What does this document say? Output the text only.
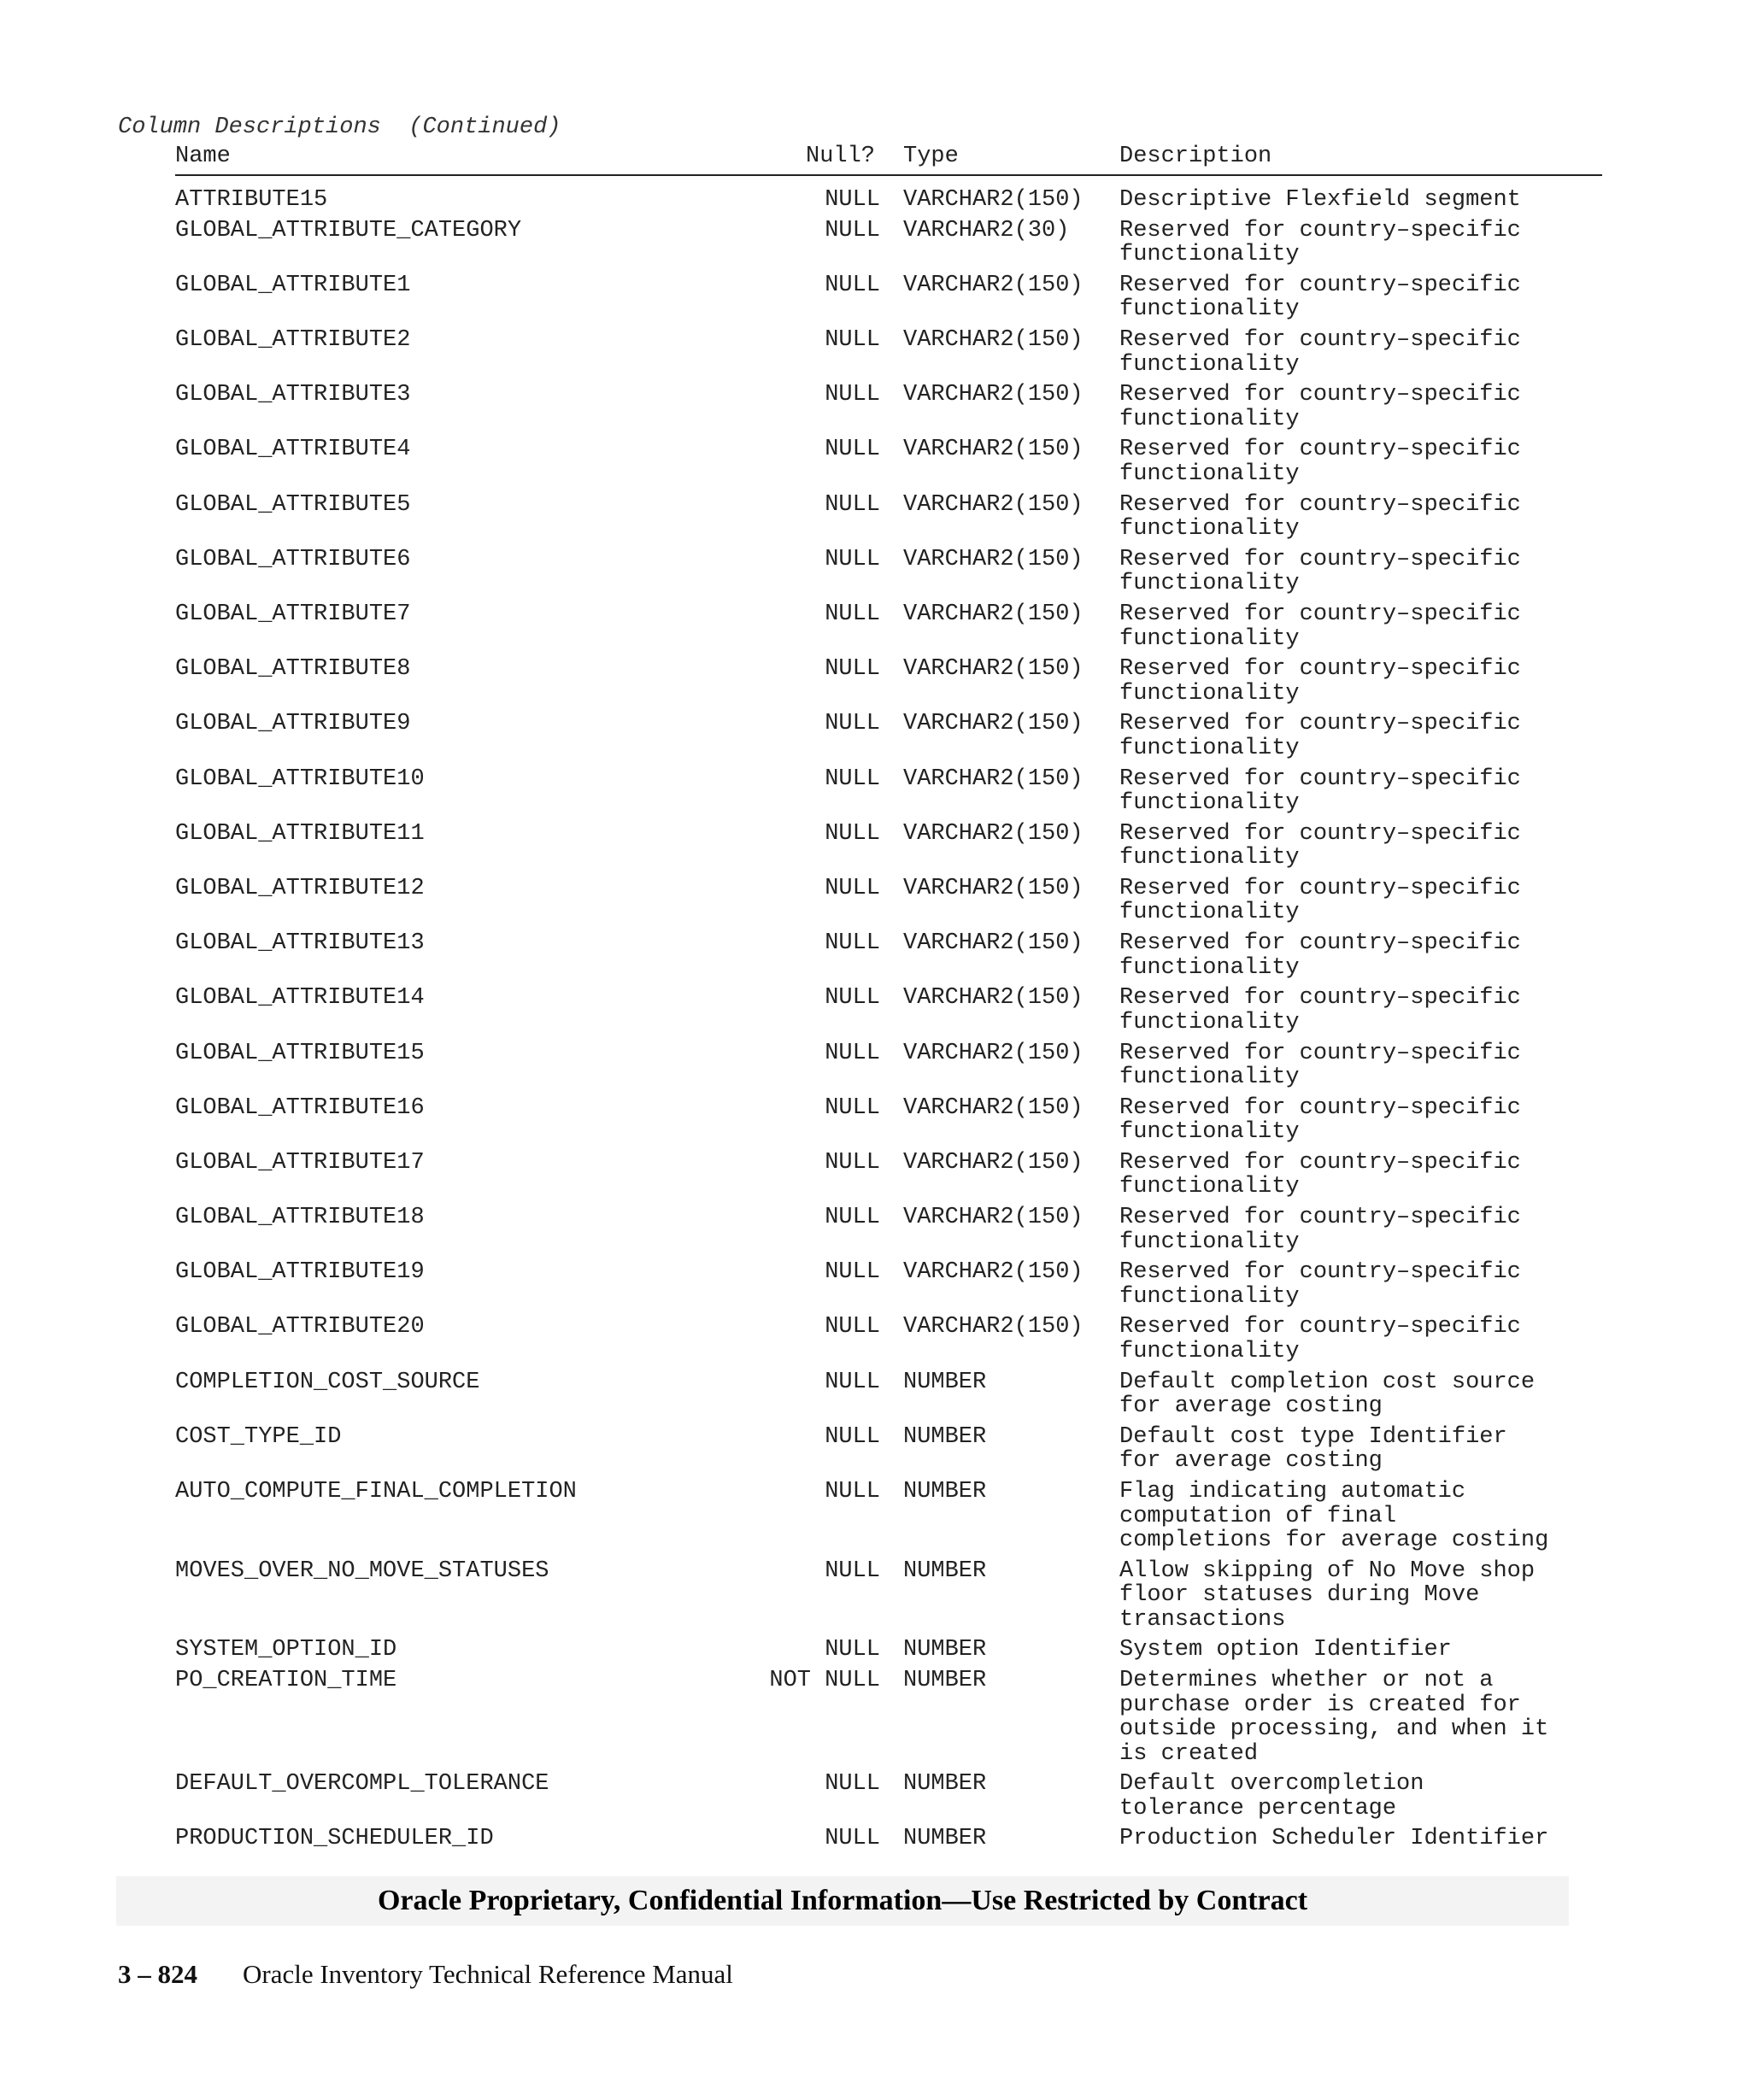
Column Descriptions  (Continued)
Name	Null? Type	Description
ATTRIBUTE15	NULL	VARCHAR2(150)	Descriptive Flexfield segment
GLOBAL_ATTRIBUTE_CATEGORY	NULL	VARCHAR2(30)	Reserved for country–specific
functionality
GLOBAL_ATTRIBUTE1	NULL	VARCHAR2(150)	Reserved for country–specific
functionality
GLOBAL_ATTRIBUTE2	NULL	VARCHAR2(150)	Reserved for country–specific
functionality
GLOBAL_ATTRIBUTE3	NULL	VARCHAR2(150)	Reserved for country–specific
functionality
GLOBAL_ATTRIBUTE4	NULL	VARCHAR2(150)	Reserved for country–specific
functionality
GLOBAL_ATTRIBUTE5	NULL	VARCHAR2(150)	Reserved for country–specific
functionality
GLOBAL_ATTRIBUTE6	NULL	VARCHAR2(150)	Reserved for country–specific
functionality
GLOBAL_ATTRIBUTE7	NULL	VARCHAR2(150)	Reserved for country–specific
functionality
GLOBAL_ATTRIBUTE8	NULL	VARCHAR2(150)	Reserved for country–specific
functionality
GLOBAL_ATTRIBUTE9	NULL	VARCHAR2(150)	Reserved for country–specific
functionality
GLOBAL_ATTRIBUTE10	NULL	VARCHAR2(150)	Reserved for country–specific
functionality
GLOBAL_ATTRIBUTE11	NULL	VARCHAR2(150)	Reserved for country–specific
functionality
GLOBAL_ATTRIBUTE12	NULL	VARCHAR2(150)	Reserved for country–specific
functionality
GLOBAL_ATTRIBUTE13	NULL	VARCHAR2(150)	Reserved for country–specific
functionality
GLOBAL_ATTRIBUTE14	NULL	VARCHAR2(150)	Reserved for country–specific
functionality
GLOBAL_ATTRIBUTE15	NULL	VARCHAR2(150)	Reserved for country–specific
functionality
GLOBAL_ATTRIBUTE16	NULL	VARCHAR2(150)	Reserved for country–specific
functionality
GLOBAL_ATTRIBUTE17	NULL	VARCHAR2(150)	Reserved for country–specific
functionality
GLOBAL_ATTRIBUTE18	NULL	VARCHAR2(150)	Reserved for country–specific
functionality
GLOBAL_ATTRIBUTE19	NULL	VARCHAR2(150)	Reserved for country–specific
functionality
GLOBAL_ATTRIBUTE20	NULL	VARCHAR2(150)	Reserved for country–specific
functionality
COMPLETION_COST_SOURCE	NULL	NUMBER	Default completion cost source
for average costing
COST_TYPE_ID	NULL	NUMBER	Default cost type Identifier
for average costing
AUTO_COMPUTE_FINAL_COMPLETION	NULL	NUMBER	Flag indicating automatic
computation of final
completions for average costing
MOVES_OVER_NO_MOVE_STATUSES	NULL	NUMBER	Allow skipping of No Move shop
floor statuses during Move
transactions
SYSTEM_OPTION_ID	NULL	NUMBER	System option Identifier
PO_CREATION_TIME	NOT NULL	NUMBER	Determines whether or not a
purchase order is created for
outside processing, and when it
is created
DEFAULT_OVERCOMPL_TOLERANCE	NULL	NUMBER	Default overcompletion
tolerance percentage
PRODUCTION_SCHEDULER_ID	NULL	NUMBER	Production Scheduler Identifier
Oracle Proprietary, Confidential Information––Use Restricted by Contract
3 – 824 Oracle Inventory Technical Reference Manual
